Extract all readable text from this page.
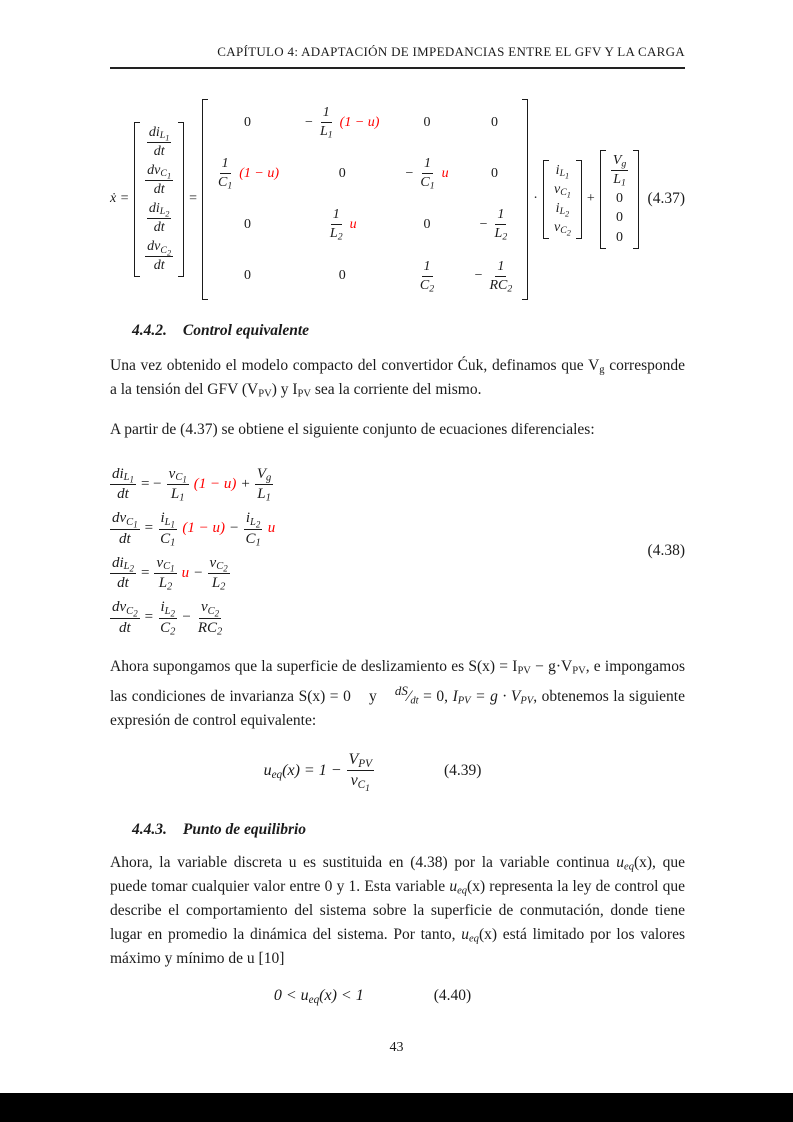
CAPÍTULO 4: ADAPTACIÓN DE IMPEDANCIAS ENTRE EL GFV Y LA CARGA
ẋ =
$\frac{di_{L_1}}{dt}$
$\frac{dv_{C_1}}{dt}$
$\frac{di_{L_2}}{dt}$
$\frac{dv_{C_2}}{dt}$
=
0	− $\frac{1}{L_1} (1 - u)$	0	0
$\frac{1}{C_1} (1 - u)$	0	− $\frac{1}{C_1}$ u	0
0	$\frac{1}{L_2}$ u	0	− $\frac{1}{L_2}$
0	0	$\frac{1}{C_2}$	− $\frac{1}{RC_2}$
·
$i_{L_1}$
$v_{C_1}$
$i_{L_2}$
$v_{C_2}$
+
$\frac{V_g}{L_1}$
0
0
0
(4.37)
4.4.2. Control equivalente

Una vez obtenido el modelo compacto del convertidor Ćuk, definamos que $V_g$ corresponde a la tensión del GFV $(V_{PV})$ y $I_{PV}$ sea la corriente del mismo.

A partir de (4.37) se obtiene el siguiente conjunto de ecuaciones diferenciales:

$\frac{di_{L_1}}{dt}$ = − $\frac{v_{C_1}}{L_1} (1 - u) + \frac{V_g}{L_1}$
$\frac{dv_{C_1}}{dt} = \frac{i_{L_1}}{C_1} (1 - u) - \frac{i_{L_2}}{C_1}$ u
$\frac{di_{L_2}}{dt} = \frac{v_{C_1}}{L_2}$ $u - \frac{v_{C_2}}{L_2}$
$\frac{dv_{C_2}}{dt} = \frac{i_{L_2}}{C_2} - \frac{v_{C_2}}{RC_2}$
(4.38)

Ahora supongamos que la superficie de deslizamiento es $S(x) = I_{PV} - g\cdot V_{PV}$, e impongamos las condiciones de invarianza S(x) = 0    y    $^{dS}⁄_{dt} = 0$, $I_{PV} = g \cdot V_{PV}$, obtenemos la siguiente expresión de control equivalente:

$u_{eq}(x) = 1 - \frac{V_{PV}}{v_{C_1}}$	(4.39)
4.4.3. Punto de equilibrio

Ahora, la variable discreta u es sustituida en (4.38) por la variable continua $u_{eq}(x)$, que puede tomar cualquier valor entre 0 y 1. Esta variable $u_{eq}(x)$ representa la ley de control que describe el comportamiento del sistema sobre la superficie de conmutación, donde tiene lugar en promedio la dinámica del sistema. Por tanto, $u_{eq}(x)$ está limitado por los valores máximo y mínimo de u [10]

$0 < u_{eq}(x) < 1$	(4.40)
43
